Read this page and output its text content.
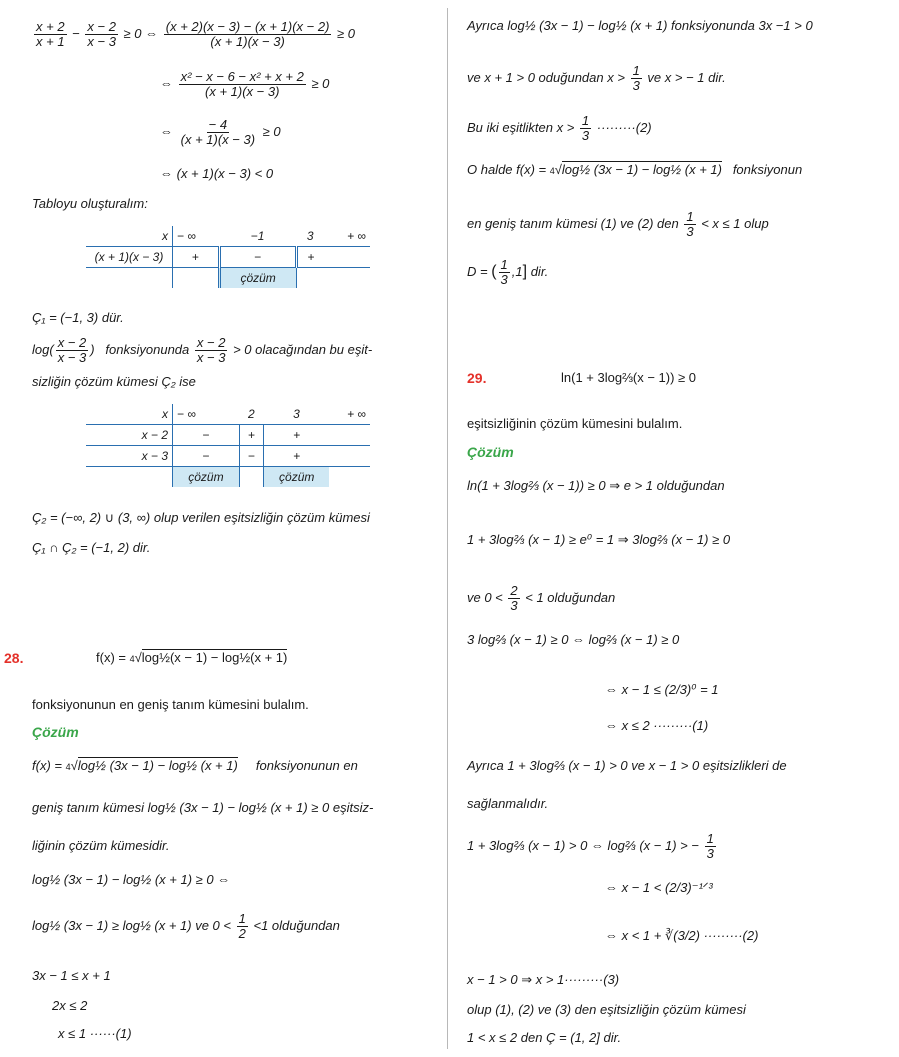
$\frac{x + 2}{x + 1} - \frac{x - 2}{x - 3} \ge 0$ ⇔ $\frac{(x + 2)(x - 3) - (x + 1)(x - 2)}{(x + 1)(x - 3)} \ge 0$
⇔ $\frac{\text{x² − x − 6 − x² + x + 2}}{(x + 1)(x - 3)} \ge 0$
⇔ $\frac{- 4}{(x + 1)(x - 3)} \ge 0$
⇔ (x + 1)(x − 3) < 0
Tabloyu oluşturalım:
x	− ∞	−1	3	+ ∞
(x + 1)(x − 3)	+	−	+	
		çözüm		
Ç₁ = (−1, 3) dür.
$\log( \frac{x - 2}{x - 3}$ )   fonksiyonunda $\frac{x - 2}{x - 3} > 0$ olacağından bu eşit-
sizliğin çözüm kümesi Ç₂ ise
x	− ∞	2	3	+ ∞
x − 2	−	+	+	
x − 3	−	−	+	
	çözüm		çözüm	
Ç₂ = (−∞, 2) ∪ (3, ∞) olup verilen eşitsizliğin çözüm kümesi
Ç₁ ∩ Ç₂ = (−1, 2) dir.
28.	f(x) = 4√log½(x − 1) − log½(x + 1)
fonksiyonunun en geniş tanım kümesini bulalım.
Çözüm
f(x) = 4√log½ (3x − 1) − log½ (x + 1) fonksiyonunun en
geniş tanım kümesi log½ (3x − 1) − log½ (x + 1) ≥ 0 eşitsiz-
liğinin çözüm kümesidir.
log½ (3x − 1) − log½ (x + 1) ≥ 0 ⇔
log½ (3x − 1) ≥ log½ (x + 1) ve $0 < \frac{1}{2} <1$ olduğundan
3x − 1 ≤ x + 1
2x ≤ 2
x ≤ 1 ······(1)
Ayrıca log½ (3x − 1) − log½ (x + 1) fonksiyonunda 3x −1 > 0
ve x + 1 > 0 oduğundan $x > \frac{1}{3}$ ve x > − 1 dir.
Bu iki eşitlikten $x > \frac{1}{3} \cdot\cdot\cdot\cdot\cdot\cdot\cdot\cdot\cdot(2)$
O halde f(x) = 4√log½ (3x − 1) − log½ (x + 1) fonksiyonun
en geniş tanım kümesi (1) ve (2) den $\frac{1}{3} < x \le 1$ olup
D = ( $\frac{1}{3} ,1$] dir.
29.	ln(1 + 3log⅔(x − 1)) ≥ 0
eşitsizliğinin çözüm kümesini bulalım.
Çözüm
ln(1 + 3log⅔ (x − 1)) ≥ 0 ⇒ e > 1 olduğundan
1 + 3log⅔ (x − 1) ≥ e⁰ = 1 ⇒ 3log⅔ (x − 1) ≥ 0
ve $0 < \frac{2}{3} < 1$ olduğundan
3 log⅔ (x − 1) ≥ 0 ⇔ log⅔ (x − 1) ≥ 0
⇔ x − 1 ≤ (2/3)⁰ = 1
⇔ x ≤ 2 ·········(1)
Ayrıca 1 + 3log⅔ (x − 1) > 0 ve x − 1 > 0 eşitsizlikleri de
sağlanmalıdır.
1 + 3log⅔ (x − 1) > 0 ⇔ log⅔ (x − 1) > − $\frac{1}{3}$
⇔ x − 1 < (2/3)⁻¹ᐟ³
⇔ x < 1 + ∛(3/2) ·········(2)
x − 1 > 0 ⇒ x > 1·········(3)
olup (1), (2) ve (3) den eşitsizliğin çözüm kümesi
1 < x ≤ 2 den Ç = (1, 2] dir.
